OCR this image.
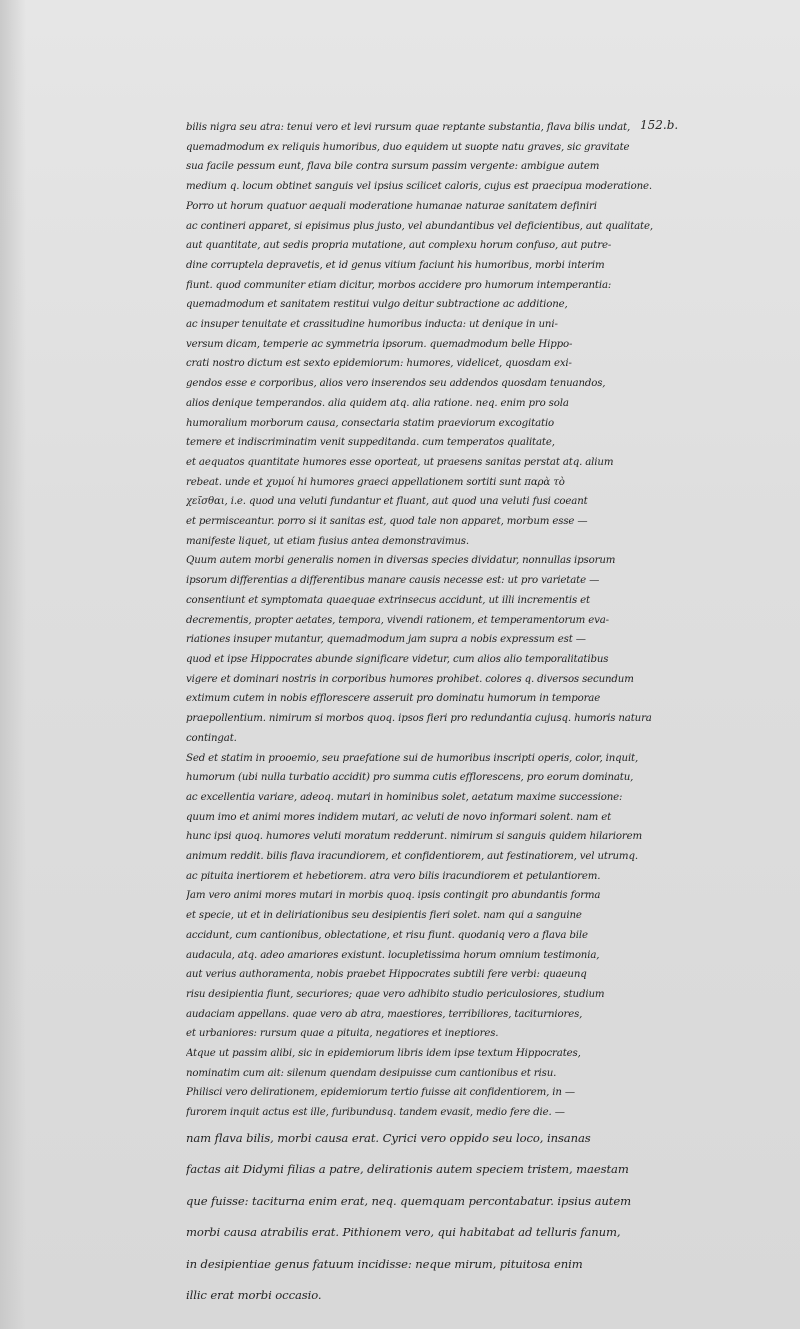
152.b.
bilis nigra seu atra: tenui vero et levi rursum quae reptante substantia, flava bilis undat,
quemadmodum ex reliquis humoribus, duo equidem ut suopte natu graves, sic gravitate
sua facile pessum eunt, flava bile contra sursum passim vergente: ambigue autem
medium q. locum obtinet sanguis vel ipsius scilicet caloris, cujus est praecipua moderatione.
Porro ut horum quatuor aequali moderatione humanae naturae sanitatem definiri
ac contineri apparet, si episimus plus justo, vel abundantibus vel deficientibus, aut qualitate,
aut quantitate, aut sedis propria mutatione, aut complexu horum confuso, aut putre-
dine corruptela depravetis, et id genus vitium faciunt his humoribus, morbi interim
fiunt. quod communiter etiam dicitur, morbos accidere pro humorum intemperantia:
quemadmodum et sanitatem restitui vulgo deitur subtractione ac additione,
ac insuper tenuitate et crassitudine humoribus inducta: ut denique in uni-
versum dicam, temperie ac symmetria ipsorum. quemadmodum belle Hippo-
crati nostro dictum est sexto epidemiorum: humores, videlicet, quosdam exi-
gendos esse e corporibus, alios vero inserendos seu addendos quosdam tenuandos,
alios denique temperandos. alia quidem atq. alia ratione. neq. enim pro sola
humoralium morborum causa, consectaria statim praeviorum excogitatio
temere et indiscriminatim venit suppeditanda. cum temperatos qualitate,
et aequatos quantitate humores esse oporteat, ut praesens sanitas perstat atq. alium
rebeat. unde et χυμοί hi humores graeci appellationem sortiti sunt παρὰ τὸ
χεῖσθαι, i.e. quod una veluti fundantur et fluant, aut quod una veluti fusi coeant
et permisceantur. porro si it sanitas est, quod tale non apparet, morbum esse —
manifeste liquet, ut etiam fusius antea demonstravimus.
Quum autem morbi generalis nomen in diversas species dividatur, nonnullas ipsorum
ipsorum differentias a differentibus manare causis necesse est: ut pro varietate —
consentiunt et symptomata quaequae extrinsecus accidunt, ut illi incrementis et
decrementis, propter aetates, tempora, vivendi rationem, et temperamentorum eva-
riationes insuper mutantur, quemadmodum jam supra a nobis expressum est —
quod et ipse Hippocrates abunde significare videtur, cum alios alio temporalitatibus
vigere et dominari nostris in corporibus humores prohibet. colores q. diversos secundum
extimum cutem in nobis efflorescere asseruit pro dominatu humorum in temporae
praepollentium. nimirum si morbos quoq. ipsos fieri pro redundantia cujusq. humoris natura
contingat.
Sed et statim in prooemio, seu praefatione sui de humoribus inscripti operis, color, inquit,
humorum (ubi nulla turbatio accidit) pro summa cutis efflorescens, pro eorum dominatu,
ac excellentia variare, adeoq. mutari in hominibus solet, aetatum maxime successione:
quum imo et animi mores indidem mutari, ac veluti de novo informari solent. nam et
hunc ipsi quoq. humores veluti moratum redderunt. nimirum si sanguis quidem hilariorem
animum reddit. bilis flava iracundiorem, et confidentiorem, aut festinatiorem, vel utrumq.
ac pituita inertiorem et hebetiorem. atra vero bilis iracundiorem et petulantiorem.
Jam vero animi mores mutari in morbis quoq. ipsis contingit pro abundantis forma
et specie, ut et in deliriationibus seu desipientis fieri solet. nam qui a sanguine
accidunt, cum cantionibus, oblectatione, et risu fiunt. quodaniq vero a flava bile
audacula, atq. adeo amariores existunt. locupletissima horum omnium testimonia,
aut verius authoramenta, nobis praebet Hippocrates subtili fere verbi: quaeunq
risu desipientia fiunt, securiores; quae vero adhibito studio periculosiores, studium
audaciam appellans. quae vero ab atra, maestiores, terribiliores, taciturniores,
et urbaniores: rursum quae a pituita, negatiores et ineptiores.
Atque ut passim alibi, sic in epidemiorum libris idem ipse textum Hippocrates,
nominatim cum ait: silenum quendam desipuisse cum cantionibus et risu.
Philisci vero delirationem, epidemiorum tertio fuisse ait confidentiorem, in —
furorem inquit actus est ille, furibundusq. tandem evasit, medio fere die. —
nam flava bilis, morbi causa erat. Cyrici vero oppido seu loco, insanas
factas ait Didymi filias a patre, delirationis autem speciem tristem, maestam
que fuisse: taciturna enim erat, neq. quemquam percontabatur. ipsius autem
morbi causa atrabilis erat. Pithionem vero, qui habitabat ad telluris fanum,
in desipientiae genus fatuum incidisse: neque mirum, pituitosa enim
illic erat morbi occasio.
